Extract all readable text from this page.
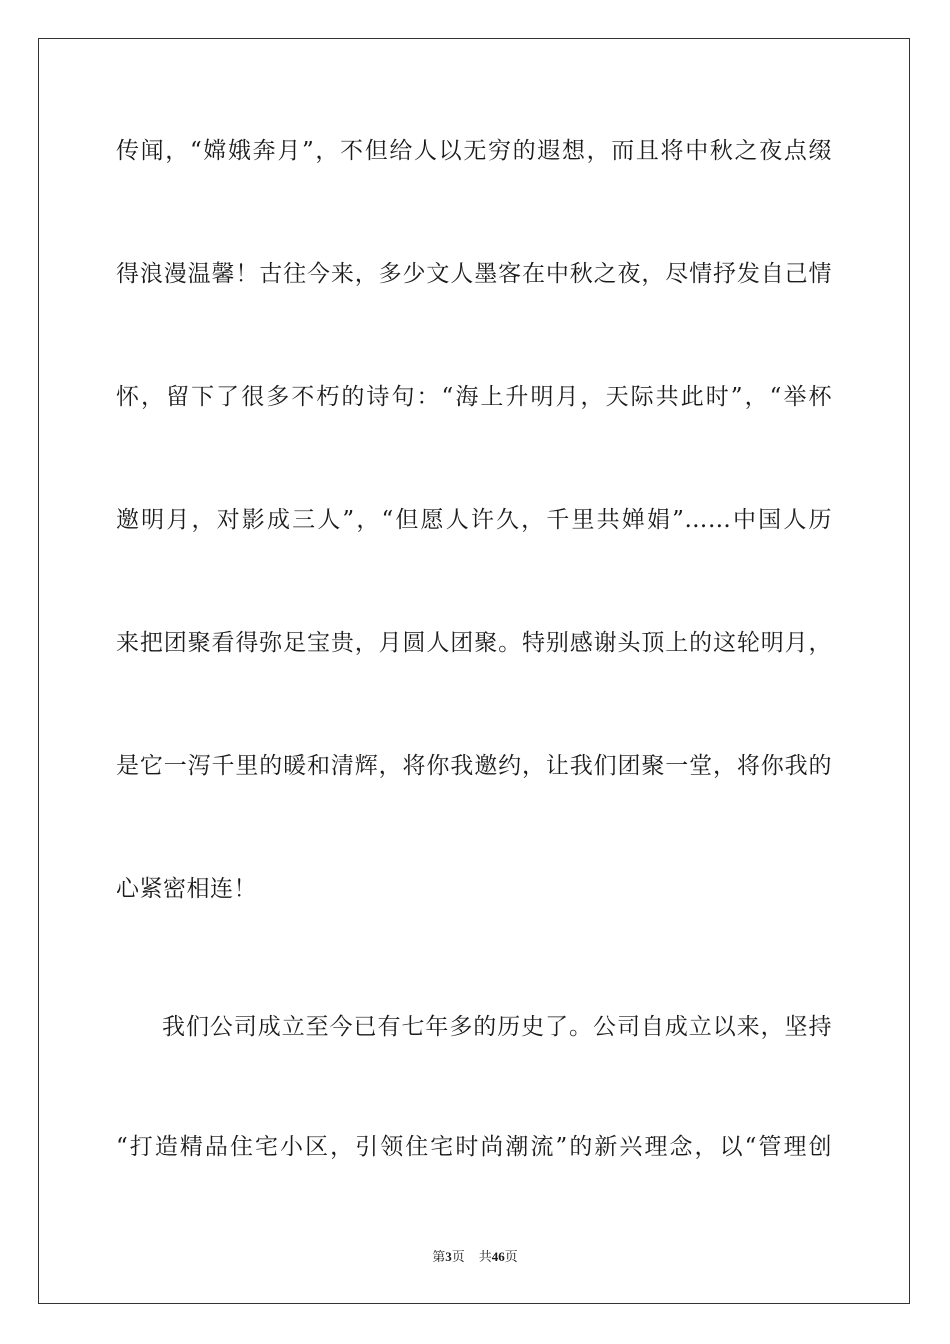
传闻，“嫦娥奔月”，不但给人以无穷的遐想，而且将中秋之夜点缀
得浪漫温馨！古往今来，多少文人墨客在中秋之夜，尽情抒发自己情
怀，留下了很多不朽的诗句：“海上升明月，天际共此时”，“举杯
邀明月，对影成三人”，“但愿人许久，千里共婵娟”……中国人历
来把团聚看得弥足宝贵，月圆人团聚。特别感谢头顶上的这轮明月，
是它一泻千里的暖和清辉，将你我邀约，让我们团聚一堂，将你我的
心紧密相连！
我们公司成立至今已有七年多的历史了。公司自成立以来，坚持
“打造精品住宅小区，引领住宅时尚潮流”的新兴理念，以“管理创
第3页 共46页
